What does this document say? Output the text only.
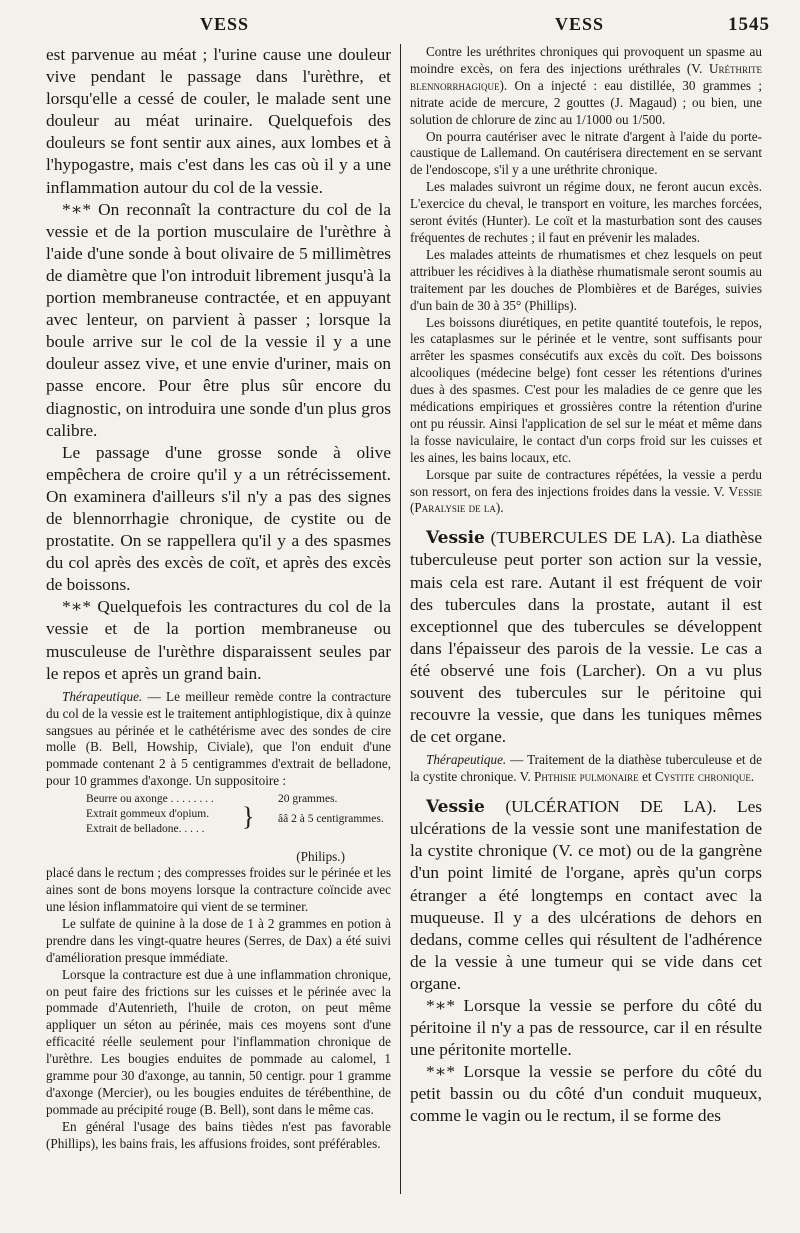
VESS	VESS	1545

est parvenue au méat ; l'urine cause une douleur vive pendant le passage dans l'urèthre, et lorsqu'elle a cessé de couler, le malade sent une douleur au méat urinaire. Quelquefois des douleurs se font sentir aux aines, aux lombes et à l'hypogastre, mais c'est dans les cas où il y a une inflammation autour du col de la vessie.

*∗* On reconnaît la contracture du col de la vessie et de la portion musculaire de l'urèthre à l'aide d'une sonde à bout olivaire de 5 millimètres de diamètre que l'on introduit librement jusqu'à la portion membraneuse contractée, et en appuyant avec lenteur, on parvient à passer ; lorsque la boule arrive sur le col de la vessie il y a une douleur assez vive, et une envie d'uriner, mais on passe encore. Pour être plus sûr encore du diagnostic, on introduira une sonde d'un plus gros calibre.

Le passage d'une grosse sonde à olive empêchera de croire qu'il y a un rétrécissement. On examinera d'ailleurs s'il n'y a pas des signes de blennorrhagie chronique, de cystite ou de prostatite. On se rappellera qu'il y a des spasmes du col après des excès de coït, et après des excès de boissons.

*∗* Quelquefois les contractures du col de la vessie et de la portion membraneuse ou musculeuse de l'urèthre disparaissent seules par le repos et après un grand bain.

Thérapeutique. — Le meilleur remède contre la contracture du col de la vessie est le traitement antiphlogistique, dix à quinze sangsues au périnée et le cathétérisme avec des sondes de cire molle (B. Bell, Howship, Civiale), que l'on enduit d'une pommade contenant 2 à 5 centigrammes d'extrait de belladone, pour 10 grammes d'axonge. Un suppositoire :

Beurre ou axonge . . . . . . . .
Extrait gommeux d'opium.
Extrait de belladone. . . . .	}
20 grammes.
ââ 2 à 5 centigrammes.
(Philips.)

placé dans le rectum ; des compresses froides sur le périnée et les aines sont de bons moyens lorsque la contracture coïncide avec une lésion inflammatoire qui vient de se terminer.

Le sulfate de quinine à la dose de 1 à 2 grammes en potion à prendre dans les vingt-quatre heures (Serres, de Dax) a été suivi d'amélioration presque immédiate.

Lorsque la contracture est due à une inflammation chronique, on peut faire des frictions sur les cuisses et le périnée avec la pommade d'Autenrieth, l'huile de croton, on peut même appliquer un séton au périnée, mais ces moyens sont d'une efficacité réelle seulement pour l'inflammation chronique de l'urèthre. Les bougies enduites de pommade au calomel, 1 gramme pour 30 d'axonge, au tannin, 50 centigr. pour 1 gramme d'axonge (Mercier), ou les bougies enduites de térébenthine, de pommade au précipité rouge (B. Bell), sont dans le même cas.

En général l'usage des bains tièdes n'est pas favorable (Phillips), les bains frais, les affusions froides, sont préférables.

Contre les uréthrites chroniques qui provoquent un spasme au moindre excès, on fera des injections uréthrales (V. Uréthrite blennorrhagique). On a injecté : eau distillée, 30 grammes ; nitrate acide de mercure, 2 gouttes (J. Magaud) ; ou bien, une solution de chlorure de zinc au 1/1000 ou 1/500.

On pourra cautériser avec le nitrate d'argent à l'aide du porte-caustique de Lallemand. On cautérisera directement en se servant de l'endoscope, s'il y a une uréthrite chronique.

Les malades suivront un régime doux, ne feront aucun excès. L'exercice du cheval, le transport en voiture, les marches forcées, seront évités (Hunter). Le coït et la masturbation sont des causes fréquentes de rechutes ; il faut en prévenir les malades.

Les malades atteints de rhumatismes et chez lesquels on peut attribuer les récidives à la diathèse rhumatismale seront soumis au traitement par les douches de Plombières et de Baréges, suivies d'un bain de 30 à 35° (Phillips).

Les boissons diurétiques, en petite quantité toutefois, le repos, les cataplasmes sur le périnée et le ventre, sont suffisants pour arrêter les spasmes consécutifs aux excès du coït. Des boissons alcooliques (médecine belge) font cesser les rétentions d'urines dues à des spasmes. C'est pour les maladies de ce genre que les médications empiriques et grossières contre la rétention d'urine ont pu réussir. Ainsi l'application de sel sur le méat et même dans la fosse naviculaire, le contact d'un corps froid sur les cuisses et les aines, les bains locaux, etc.

Lorsque par suite de contractures répétées, la vessie a perdu son ressort, on fera des injections froides dans la vessie. V. Vessie (Paralysie de la).

Vessie (TUBERCULES DE LA). La diathèse tuberculeuse peut porter son action sur la vessie, mais cela est rare. Autant il est fréquent de voir des tubercules dans la prostate, autant il est exceptionnel que des tubercules se développent dans l'épaisseur des parois de la vessie. Le cas a été observé une fois (Larcher). On a vu plus souvent des tubercules sur le péritoine qui recouvre la vessie, que dans les tuniques mêmes de cet organe.

Thérapeutique. — Traitement de la diathèse tuberculeuse et de la cystite chronique. V. Phthisie pulmonaire et Cystite chronique.

Vessie (ULCÉRATION DE LA). Les ulcérations de la vessie sont une manifestation de la cystite chronique (V. ce mot) ou de la gangrène d'un point limité de l'organe, après qu'un corps étranger a été longtemps en contact avec la muqueuse. Il y a des ulcérations de dehors en dedans, comme celles qui résultent de l'adhérence de la vessie à une tumeur qui se vide dans cet organe.

*∗* Lorsque la vessie se perfore du côté du péritoine il n'y a pas de ressource, car il en résulte une péritonite mortelle.

*∗* Lorsque la vessie se perfore du côté du petit bassin ou du côté d'un conduit muqueux, comme le vagin ou le rectum, il se forme des
